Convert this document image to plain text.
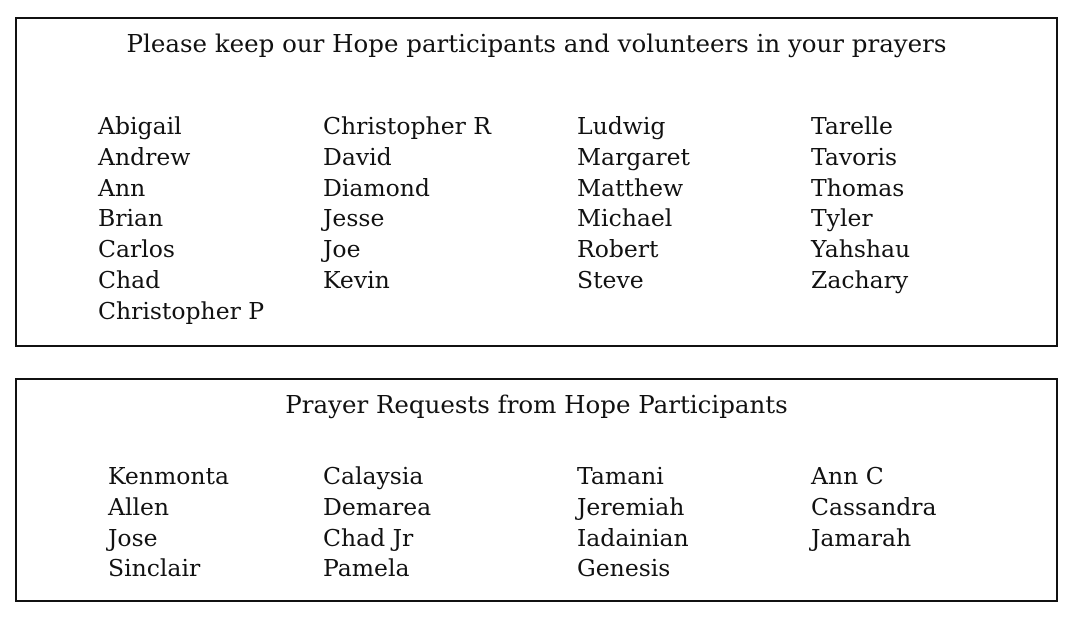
Please keep our Hope participants and volunteers in your prayers
Abigail
Andrew
Ann
Brian
Carlos
Chad
Christopher P
Christopher R
David
Diamond
Jesse
Joe
Kevin
Ludwig
Margaret
Matthew
Michael
Robert
Steve
Tarelle
Tavoris
Thomas
Tyler
Yahshau
Zachary
Prayer Requests from Hope Participants
Kenmonta
Allen
Jose
Sinclair
Calaysia
Demarea
Chad Jr
Pamela
Tamani
Jeremiah
Iadainian
Genesis
Ann C
Cassandra
Jamarah
